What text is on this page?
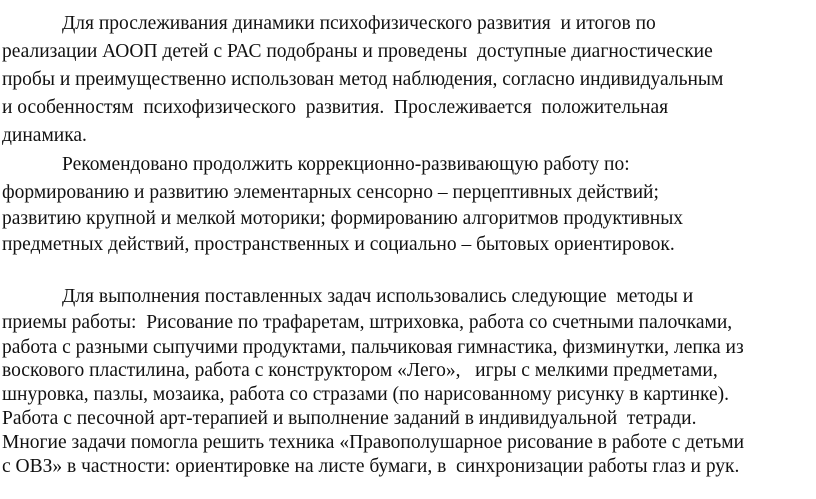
Для прослеживания динамики психофизического развития  и итогов по
реализации АООП детей с РАС подобраны и проведены  доступные диагностические
пробы и преимущественно использован метод наблюдения, согласно индивидуальным
и особенностям  психофизического  развития.  Прослеживается  положительная
динамика.
Рекомендовано продолжить коррекционно-развивающую работу по:
формированию и развитию элементарных сенсорно – перцептивных действий;
развитию крупной и мелкой моторики; формированию алгоритмов продуктивных
предметных действий, пространственных и социально – бытовых ориентировок.
Для выполнения поставленных задач использовались следующие  методы и
приемы работы:  Рисование по трафаретам, штриховка, работа со счетными палочками,
работа с разными сыпучими продуктами, пальчиковая гимнастика, физминутки, лепка из
воскового пластилина, работа с конструктором «Лего»,   игры с мелкими предметами,
шнуровка, пазлы, мозаика, работа со стразами (по нарисованному рисунку в картинке).
Работа с песочной арт-терапией и выполнение заданий в индивидуальной  тетради.
Многие задачи помогла решить техника «Правополушарное рисование в работе с детьми
с ОВЗ» в частности: ориентировке на листе бумаги, в  синхронизации работы глаз и рук.
